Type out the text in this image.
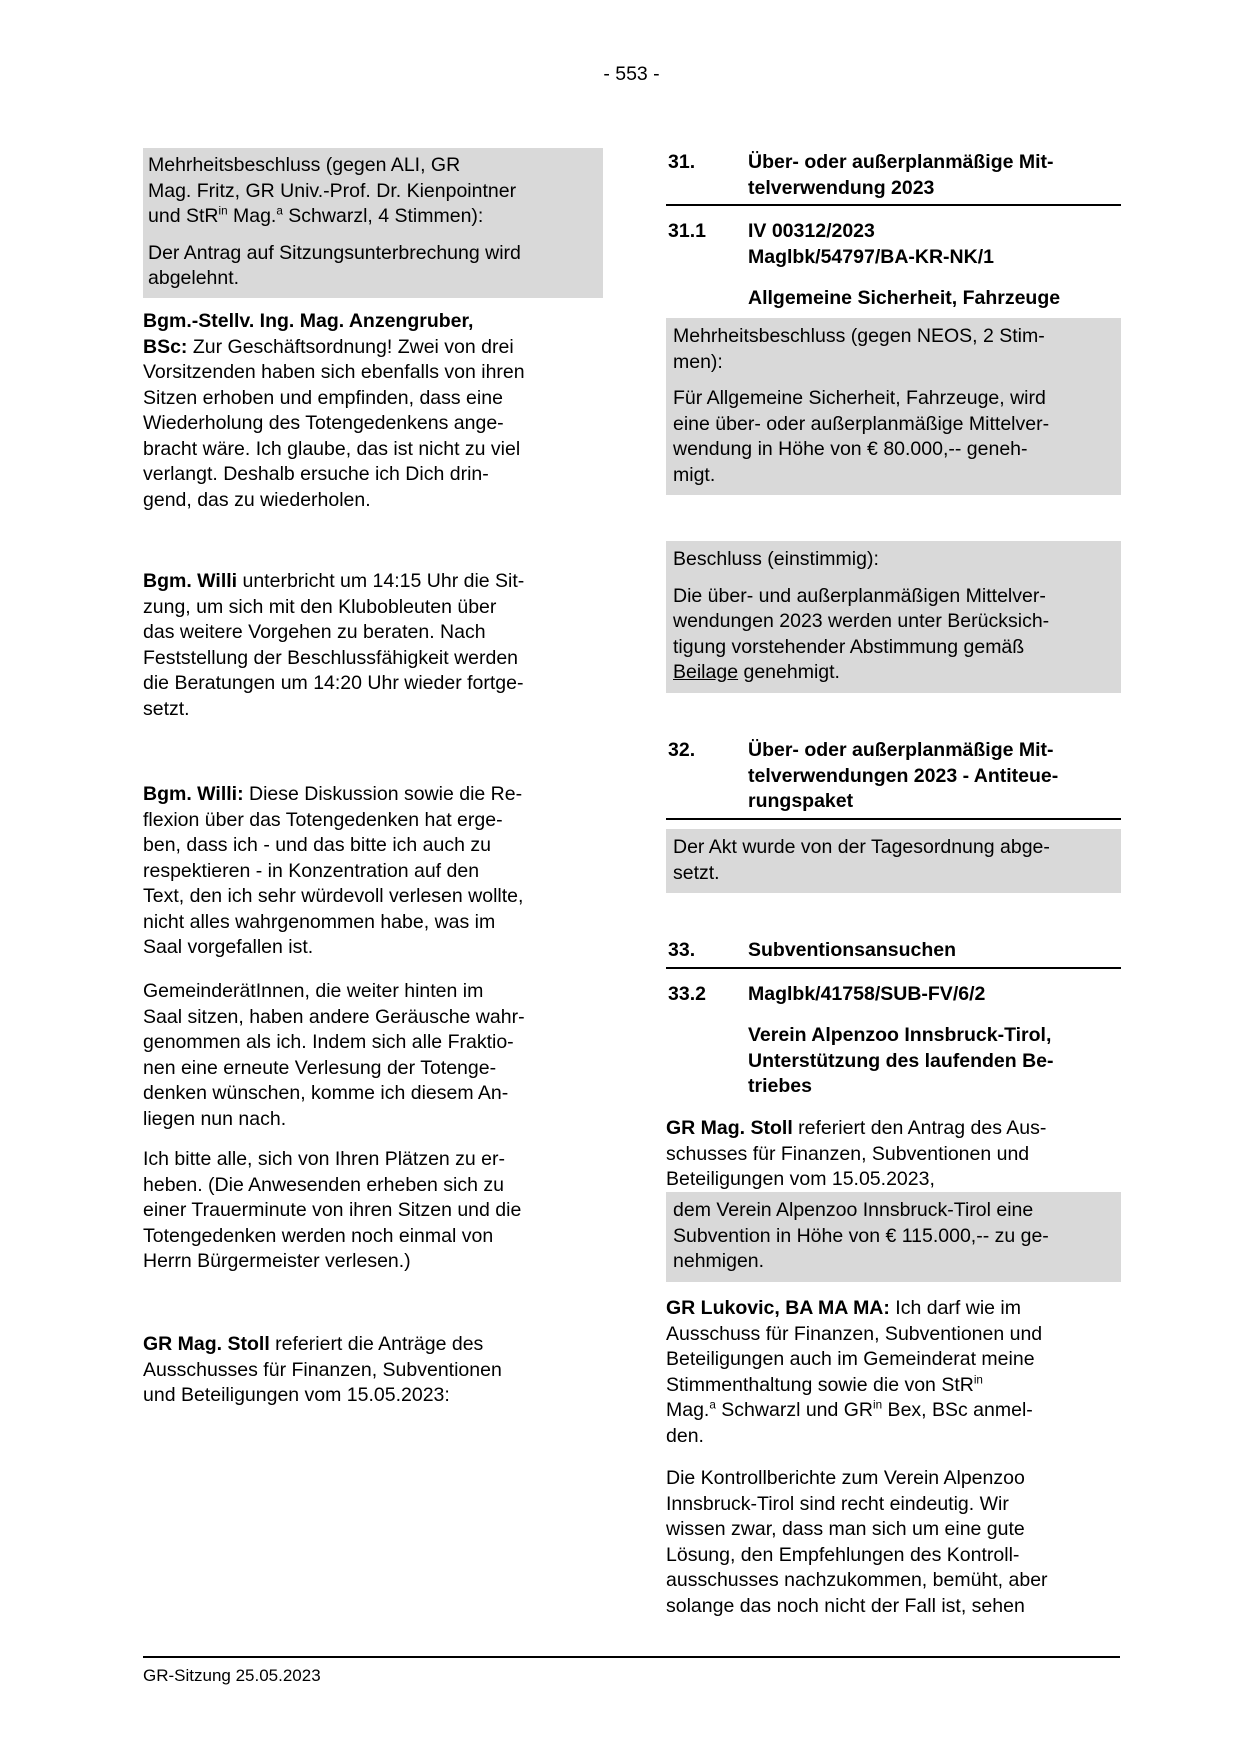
- 553 -

Mehrheitsbeschluss (gegen ALI, GR
Mag. Fritz, GR Univ.-Prof. Dr. Kienpointner
und StR$^{in}$ Mag.$^a$ Schwarzl, 4 Stimmen):

Der Antrag auf Sitzungsunterbrechung wird
abgelehnt.

Bgm.-Stellv. Ing. Mag. Anzengruber,
BSc: Zur Geschäftsordnung! Zwei von drei
Vorsitzenden haben sich ebenfalls von ihren
Sitzen erhoben und empfinden, dass eine
Wiederholung des Totengedenkens ange-
bracht wäre. Ich glaube, das ist nicht zu viel
verlangt. Deshalb ersuche ich Dich drin-
gend, das zu wiederholen.
Bgm. Willi unterbricht um 14:15 Uhr die Sit-
zung, um sich mit den Klubobleuten über
das weitere Vorgehen zu beraten. Nach
Feststellung der Beschlussfähigkeit werden
die Beratungen um 14:20 Uhr wieder fortge-
setzt.
Bgm. Willi: Diese Diskussion sowie die Re-
flexion über das Totengedenken hat erge-
ben, dass ich - und das bitte ich auch zu
respektieren - in Konzentration auf den
Text, den ich sehr würdevoll verlesen wollte,
nicht alles wahrgenommen habe, was im
Saal vorgefallen ist.
GemeinderätInnen, die weiter hinten im
Saal sitzen, haben andere Geräusche wahr-
genommen als ich. Indem sich alle Fraktio-
nen eine erneute Verlesung der Totenge-
denken wünschen, komme ich diesem An-
liegen nun nach.
Ich bitte alle, sich von Ihren Plätzen zu er-
heben. (Die Anwesenden erheben sich zu
einer Trauerminute von ihren Sitzen und die
Totengedenken werden noch einmal von
Herrn Bürgermeister verlesen.)
GR Mag. Stoll referiert die Anträge des
Ausschusses für Finanzen, Subventionen
und Beteiligungen vom 15.05.2023:
31.	Über- oder außerplanmäßige Mit-
telverwendung 2023
31.1 IV 00312/2023
Maglbk/54797/BA-KR-NK/1
Allgemeine Sicherheit, Fahrzeuge

Mehrheitsbeschluss (gegen NEOS, 2 Stim-
men):

Für Allgemeine Sicherheit, Fahrzeuge, wird
eine über- oder außerplanmäßige Mittelver-
wendung in Höhe von € 80.000,-- geneh-
migt.

Beschluss (einstimmig):

Die über- und außerplanmäßigen Mittelver-
wendungen 2023 werden unter Berücksich-
tigung vorstehender Abstimmung gemäß
Beilage genehmigt.

32.	Über- oder außerplanmäßige Mit-
telverwendungen 2023 - Antiteue-
rungspaket

Der Akt wurde von der Tagesordnung abge-
setzt.

33.	Subventionsansuchen
33.2 Maglbk/41758/SUB-FV/6/2
Verein Alpenzoo Innsbruck-Tirol,
Unterstützung des laufenden Be-
triebes
GR Mag. Stoll referiert den Antrag des Aus-
schusses für Finanzen, Subventionen und
Beteiligungen vom 15.05.2023,

dem Verein Alpenzoo Innsbruck-Tirol eine
Subvention in Höhe von € 115.000,-- zu ge-
nehmigen.

GR Lukovic, BA MA MA: Ich darf wie im
Ausschuss für Finanzen, Subventionen und
Beteiligungen auch im Gemeinderat meine
Stimmenthaltung sowie die von StR$^{in}$
Mag.$^a$ Schwarzl und $GR^{in}$ Bex, BSc anmel-
den.
Die Kontrollberichte zum Verein Alpenzoo
Innsbruck-Tirol sind recht eindeutig. Wir
wissen zwar, dass man sich um eine gute
Lösung, den Empfehlungen des Kontroll-
ausschusses nachzukommen, bemüht, aber
solange das noch nicht der Fall ist, sehen
GR-Sitzung 25.05.2023
